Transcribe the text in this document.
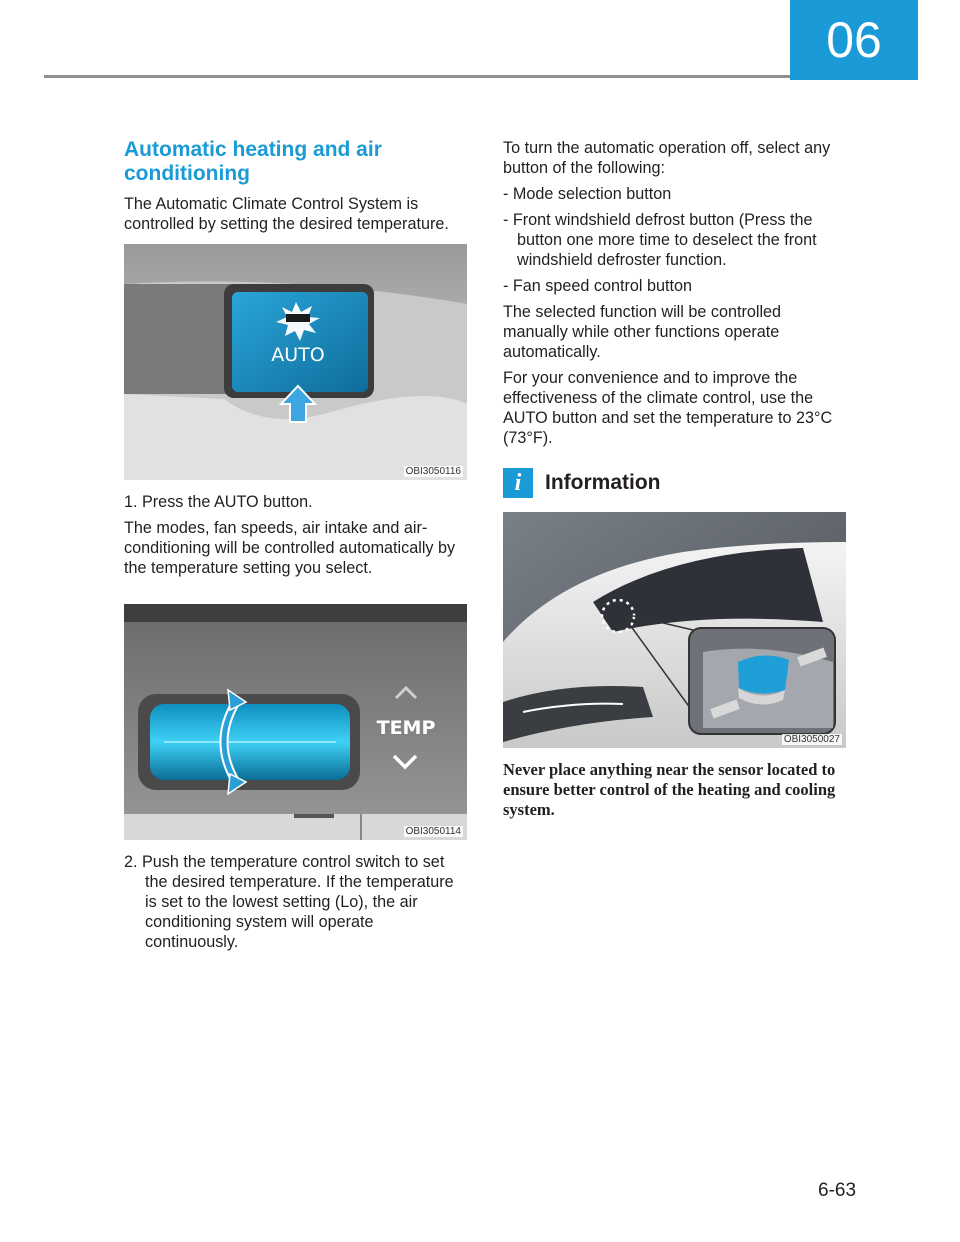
06
Automatic heating and air conditioning

The Automatic Climate Control System is controlled by setting the desired temperature.

AUTO
OBI3050116

1. Press the AUTO button.

The modes, fan speeds, air intake and air-conditioning will be controlled automatically by the temperature setting you select.

TEMP
OBI3050114

2. Push the temperature control switch to set the desired temperature. If the temperature is set to the lowest setting (Lo), the air conditioning system will operate continuously.

To turn the automatic operation off, select any button of the following:

- Mode selection button

- Front windshield defrost button (Press the button one more time to deselect the front windshield defroster function.

- Fan speed control button

The selected function will be controlled manually while other functions operate automatically.

For your convenience and to improve the effectiveness of the climate control, use the AUTO button and set the temperature to 23°C (73°F).

i	Information
OBI3050027

Never place anything near the sensor located to ensure better control of the heating and cooling system.

6-63
